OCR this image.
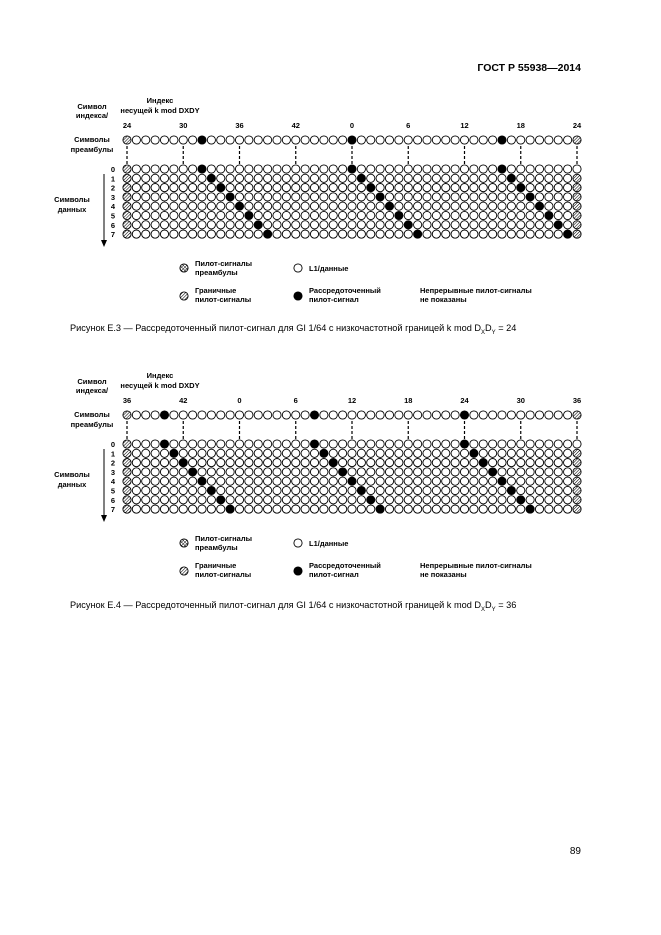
ГОСТ Р 55938—2014
Символ
индекса/
Индекс
несущей k mod DXDY
Символы
преамбулы
Символы
данных
0
1
2
3
4
5
6
7
24	30	36	42	0	6	12	18	24
Пилот-сигналы
преамбулы	L1/данные
Граничные
пилот-сигналы
Рассредоточенный
пилот-сигнал
Непрерывные пилот-сигналы
не показаны
Рисунок Е.3 — Рассредоточенный пилот-сигнал для GI 1/64 с низкочастотной границей k mod $D_XD_Y = 24$
Символ
индекса/
Индекс
несущей k mod DXDY
Символы
преамбулы
Символы
данных
0
1
2
3
4
5
6
7
36	42	0	6	12	18	24	30	36
Пилот-сигналы
преамбулы	L1/данные
Граничные
пилот-сигналы
Рассредоточенный
пилот-сигнал
Непрерывные пилот-сигналы
не показаны
Рисунок Е.4 — Рассредоточенный пилот-сигнал для GI 1/64 с низкочастотной границей k mod $D_XD_Y = 36$
89
